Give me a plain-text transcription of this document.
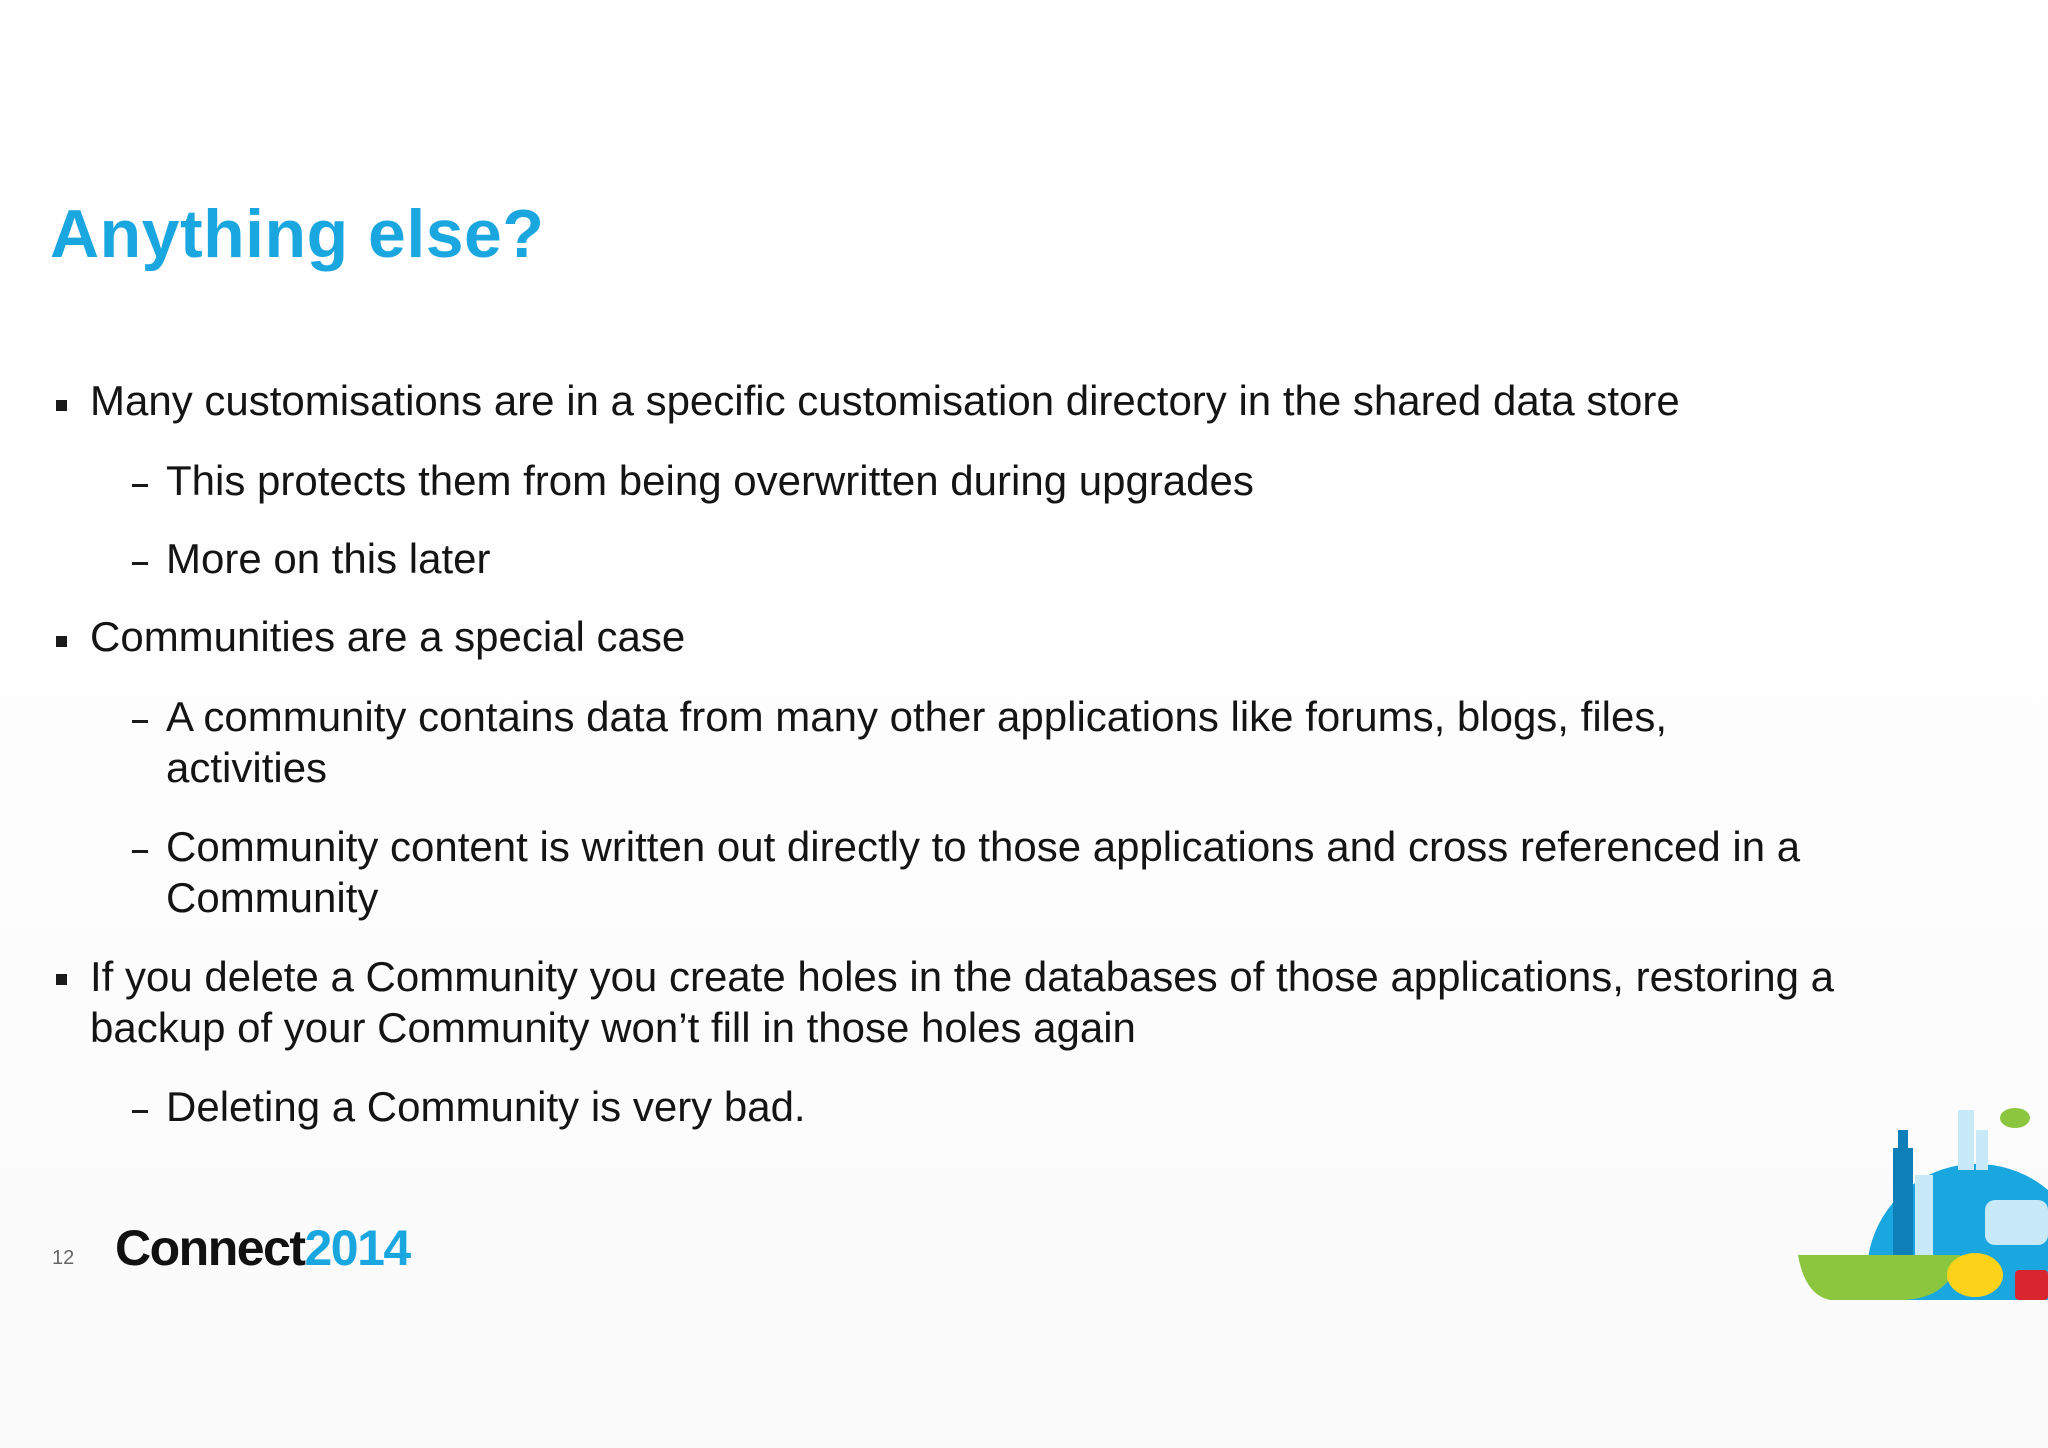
Anything else?
Many customisations are in a specific customisation directory in the shared data store
This protects them from being overwritten during upgrades
More on this later
Communities are a special case
A community contains data from many other applications like forums, blogs, files, activities
Community content is written out directly to those applications and cross referenced in a Community
If you delete a Community you create holes in the databases of those applications, restoring a backup of your Community won’t fill in those holes again
Deleting a Community is very bad.
12 Connect2014
